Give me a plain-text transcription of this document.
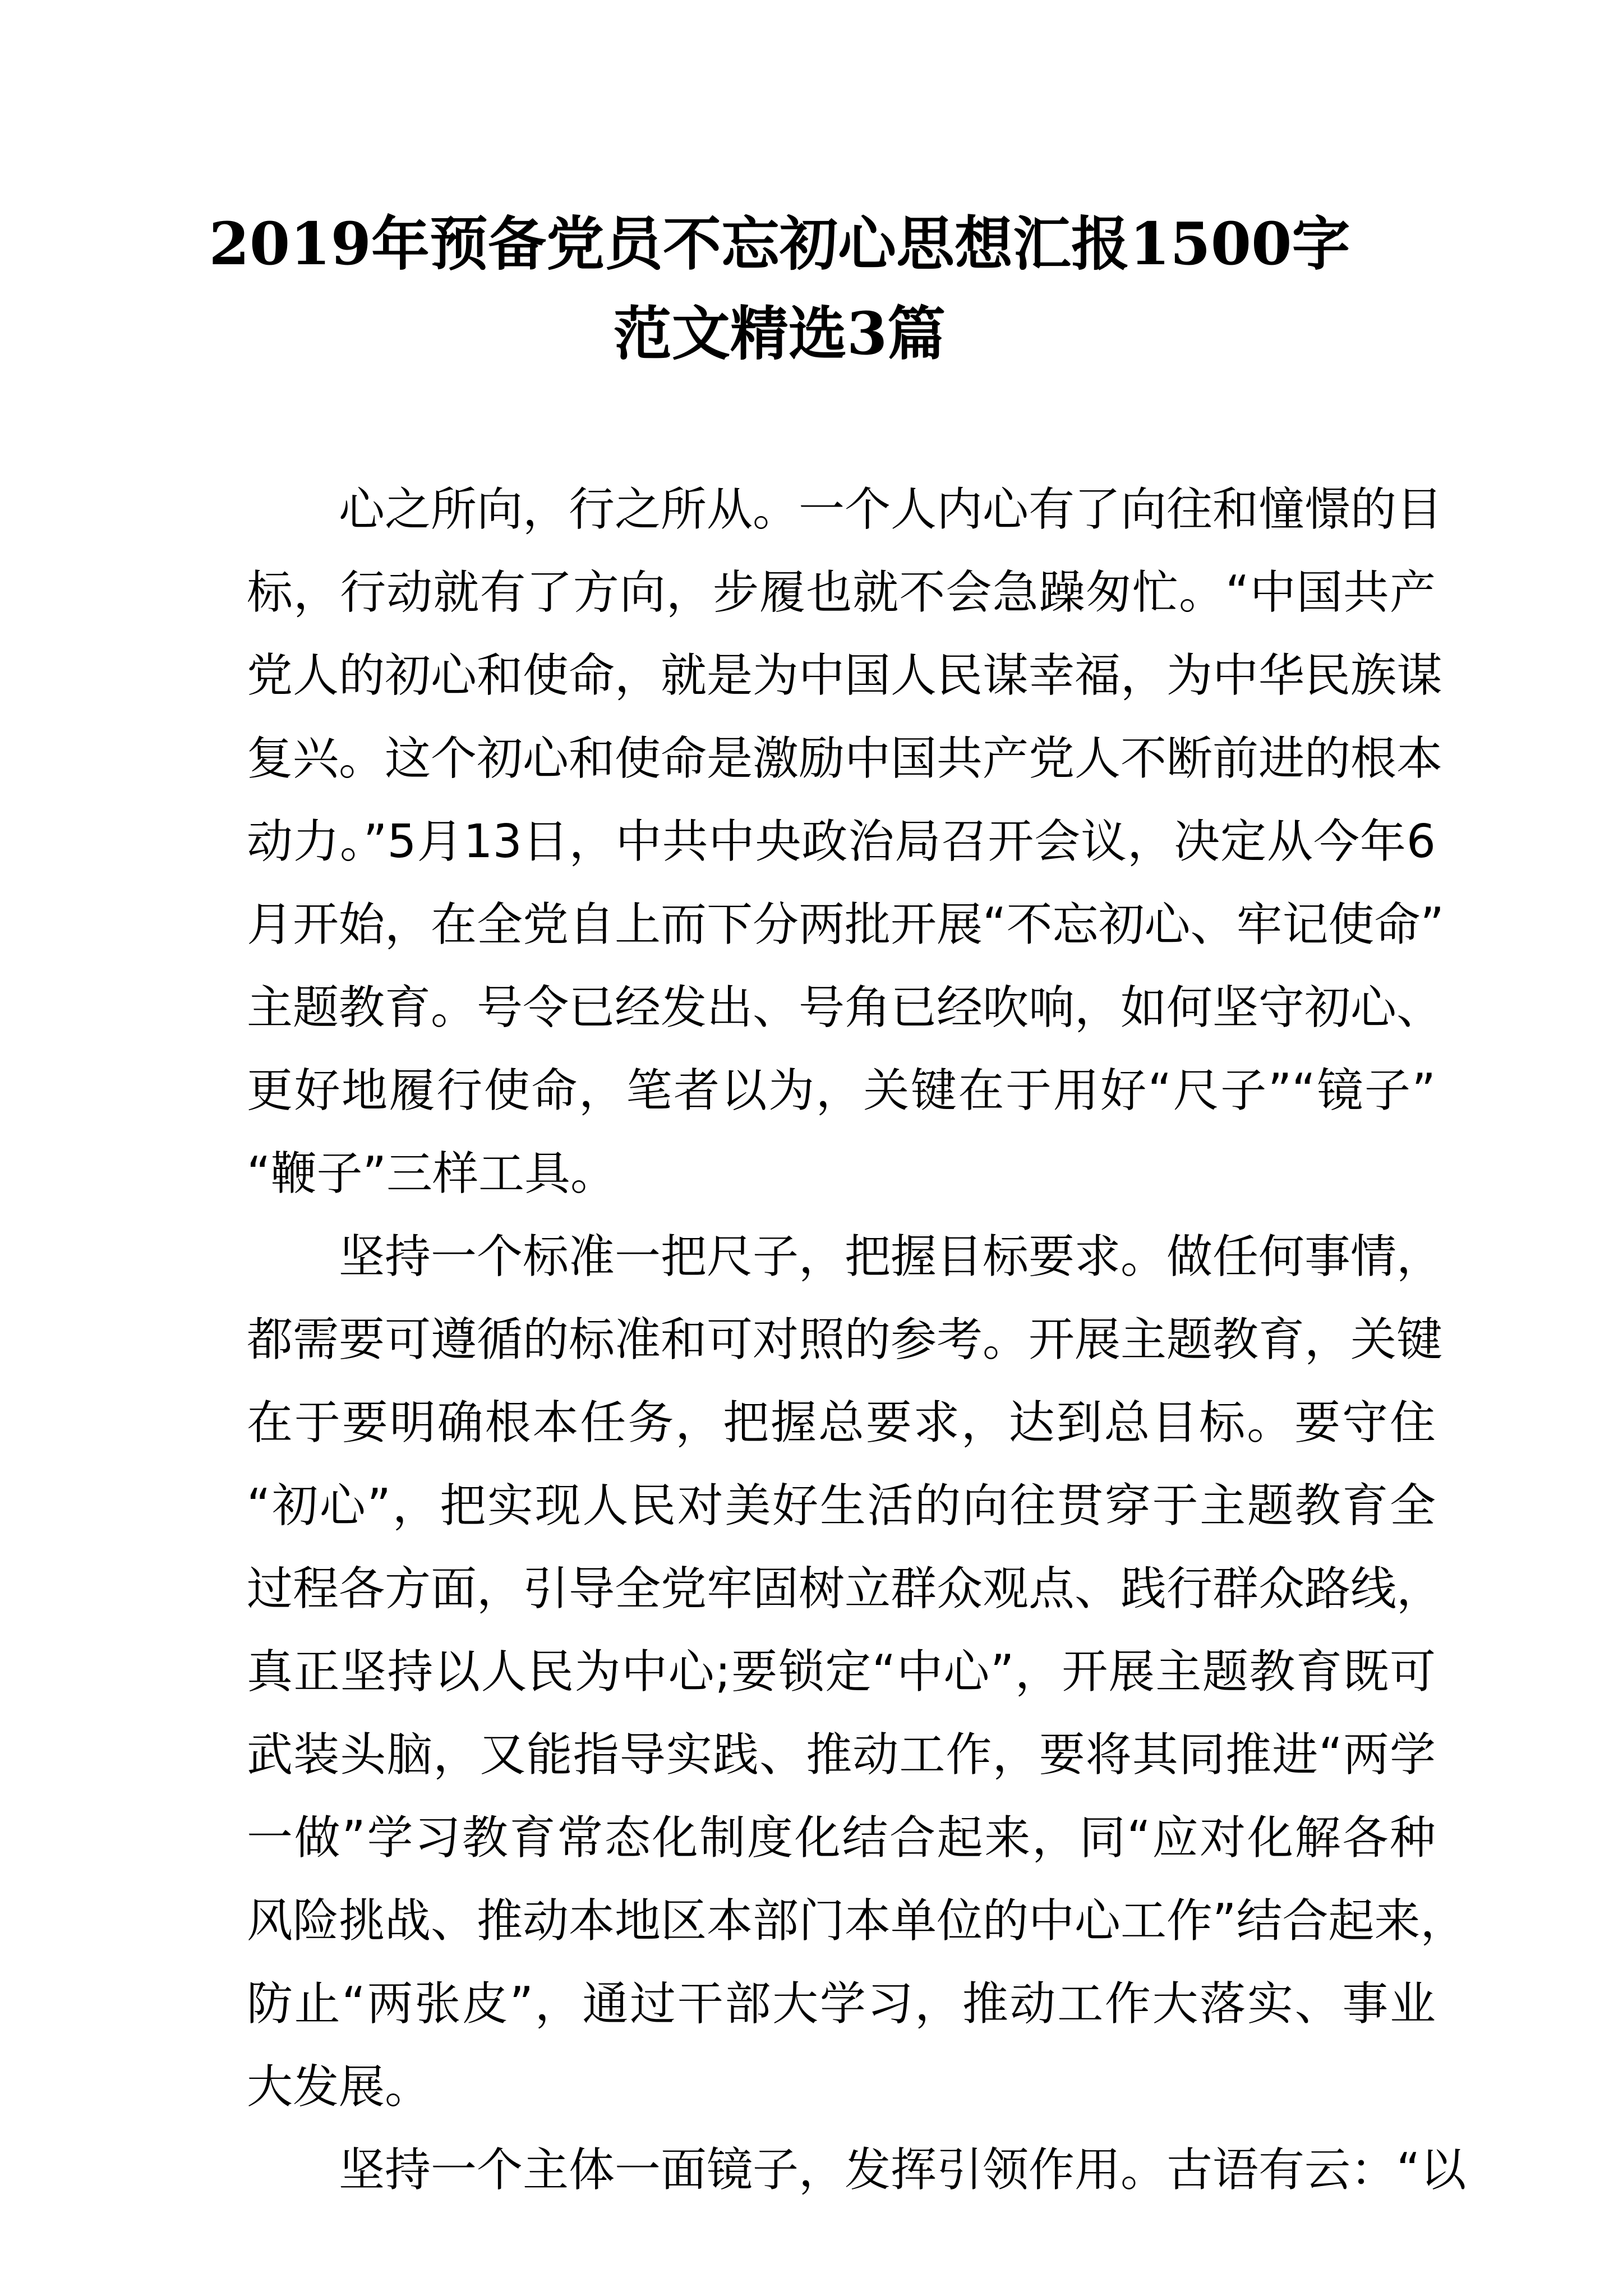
2019年预备党员不忘初心思想汇报1500字
范文精选3篇
心之所向，行之所从。一个人内心有了向往和憧憬的目
标，行动就有了方向，步履也就不会急躁匆忙。“中国共产
党人的初心和使命，就是为中国人民谋幸福，为中华民族谋
复兴。这个初心和使命是激励中国共产党人不断前进的根本
动力。”5月13日，中共中央政治局召开会议，决定从今年6
月开始，在全党自上而下分两批开展“不忘初心、牢记使命”
主题教育。号令已经发出、号角已经吹响，如何坚守初心、
更好地履行使命，笔者以为，关键在于用好“尺子”“镜子”
“鞭子”三样工具。
坚持一个标准一把尺子，把握目标要求。做任何事情，
都需要可遵循的标准和可对照的参考。开展主题教育，关键
在于要明确根本任务，把握总要求，达到总目标。要守住
“初心”，把实现人民对美好生活的向往贯穿于主题教育全
过程各方面，引导全党牢固树立群众观点、践行群众路线，
真正坚持以人民为中心;要锁定“中心”，开展主题教育既可
武装头脑，又能指导实践、推动工作，要将其同推进“两学
一做”学习教育常态化制度化结合起来，同“应对化解各种
风险挑战、推动本地区本部门本单位的中心工作”结合起来，
防止“两张皮”，通过干部大学习，推动工作大落实、事业
大发展。
坚持一个主体一面镜子，发挥引领作用。古语有云：“以
